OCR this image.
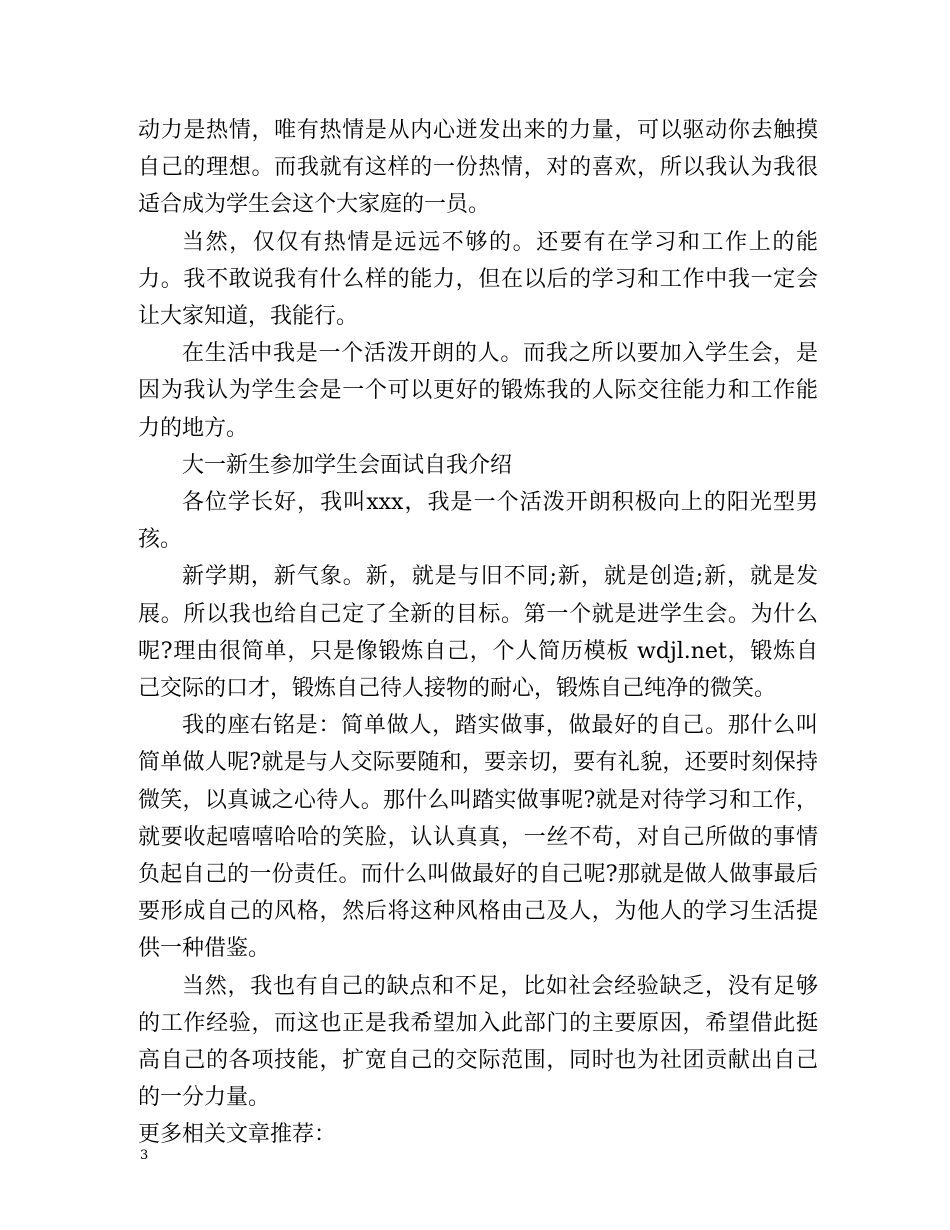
动力是热情，唯有热情是从内心迸发出来的力量，可以驱动你去触摸自己的理想。而我就有这样的一份热情，对的喜欢，所以我认为我很适合成为学生会这个大家庭的一员。

当然，仅仅有热情是远远不够的。还要有在学习和工作上的能力。我不敢说我有什么样的能力，但在以后的学习和工作中我一定会让大家知道，我能行。

在生活中我是一个活泼开朗的人。而我之所以要加入学生会，是因为我认为学生会是一个可以更好的锻炼我的人际交往能力和工作能力的地方。

大一新生参加学生会面试自我介绍

各位学长好，我叫xxx，我是一个活泼开朗积极向上的阳光型男孩。

新学期，新气象。新，就是与旧不同;新，就是创造;新，就是发展。所以我也给自己定了全新的目标。第一个就是进学生会。为什么呢?理由很简单，只是像锻炼自己，个人简历模板 wdjl.net，锻炼自己交际的口才，锻炼自己待人接物的耐心，锻炼自己纯净的微笑。

我的座右铭是：简单做人，踏实做事，做最好的自己。那什么叫简单做人呢?就是与人交际要随和，要亲切，要有礼貌，还要时刻保持微笑，以真诚之心待人。那什么叫踏实做事呢?就是对待学习和工作，就要收起嘻嘻哈哈的笑脸，认认真真，一丝不苟，对自己所做的事情负起自己的一份责任。而什么叫做最好的自己呢?那就是做人做事最后要形成自己的风格，然后将这种风格由己及人，为他人的学习生活提供一种借鉴。

当然，我也有自己的缺点和不足，比如社会经验缺乏，没有足够的工作经验，而这也正是我希望加入此部门的主要原因，希望借此挺高自己的各项技能，扩宽自己的交际范围，同时也为社团贡献出自己的一分力量。

更多相关文章推荐：

3
